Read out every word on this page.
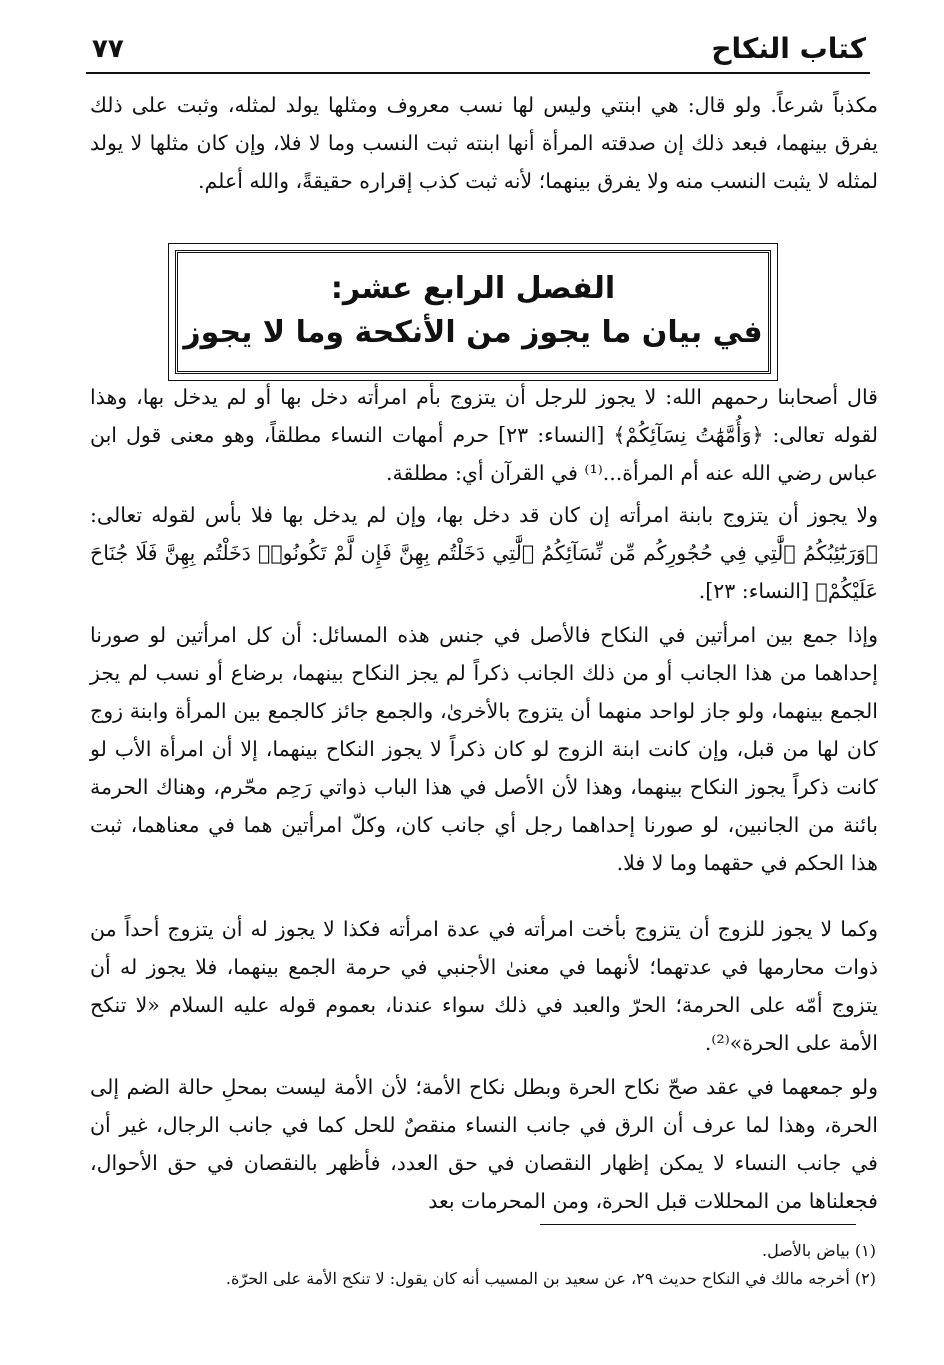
٧٧	كتاب النكاح

مكذباً شرعاً. ولو قال: هي ابنتي وليس لها نسب معروف ومثلها يولد لمثله، وثبت على ذلك يفرق بينهما، فبعد ذلك إن صدقته المرأة أنها ابنته ثبت النسب وما لا فلا، وإن كان مثلها لا يولد لمثله لا يثبت النسب منه ولا يفرق بينهما؛ لأنه ثبت كذب إقراره حقيقةً، والله أعلم.

الفصل الرابع عشر:
في بيان ما يجوز من الأنكحة وما لا يجوز

قال أصحابنا رحمهم الله: لا يجوز للرجل أن يتزوج بأم امرأته دخل بها أو لم يدخل بها، وهذا لقوله تعالى: ﴿وَأُمَّهَٰتُ نِسَآئِكُمْ﴾ [النساء: ٢٣] حرم أمهات النساء مطلقاً، وهو معنى قول ابن عباس رضي الله عنه أم المرأة...⁽¹⁾ في القرآن أي: مطلقة.

ولا يجوز أن يتزوج بابنة امرأته إن كان قد دخل بها، وإن لم يدخل بها فلا بأس لقوله تعالى: ﴿وَرَبَٰٓئِبُكُمُ ٱلَّٰتِي فِي حُجُورِكُم مِّن نِّسَآئِكُمُ ٱلَّٰتِي دَخَلْتُم بِهِنَّ فَإِن لَّمْ تَكُونُوا۟ دَخَلْتُم بِهِنَّ فَلَا جُنَاحَ عَلَيْكُمْ﴾ [النساء: ٢٣].

وإذا جمع بين امرأتين في النكاح فالأصل في جنس هذه المسائل: أن كل امرأتين لو صورنا إحداهما من هذا الجانب أو من ذلك الجانب ذكراً لم يجز النكاح بينهما، برضاع أو نسب لم يجز الجمع بينهما، ولو جاز لواحد منهما أن يتزوج بالأخرىٰ، والجمع جائز كالجمع بين المرأة وابنة زوج كان لها من قبل، وإن كانت ابنة الزوج لو كان ذكراً لا يجوز النكاح بينهما، إلا أن امرأة الأب لو كانت ذكراً يجوز النكاح بينهما، وهذا لأن الأصل في هذا الباب ذواتي رَحِم محّرم، وهناك الحرمة بائنة من الجانبين، لو صورنا إحداهما رجل أي جانب كان، وكلّ امرأتين هما في معناهما، ثبت هذا الحكم في حقهما وما لا فلا.

وكما لا يجوز للزوج أن يتزوج بأخت امرأته في عدة امرأته فكذا لا يجوز له أن يتزوج أحداً من ذوات محارمها في عدتهما؛ لأنهما في معنىٰ الأجنبي في حرمة الجمع بينهما، فلا يجوز له أن يتزوج أمّه على الحرمة؛ الحرّ والعبد في ذلك سواء عندنا، بعموم قوله عليه السلام «لا تنكح الأمة على الحرة»⁽²⁾.

ولو جمعهما في عقد صحّ نكاح الحرة وبطل نكاح الأمة؛ لأن الأمة ليست بمحلِ حالة الضم إلى الحرة، وهذا لما عرف أن الرق في جانب النساء منقصٌ للحل كما في جانب الرجال، غير أن في جانب النساء لا يمكن إظهار النقصان في حق العدد، فأظهر بالنقصان في حق الأحوال، فجعلناها من المحللات قبل الحرة، ومن المحرمات بعد

(١) بياض بالأصل.

(٢) أخرجه مالك في النكاح حديث ٢٩، عن سعيد بن المسيب أنه كان يقول: لا تنكح الأمة على الحرّة.
